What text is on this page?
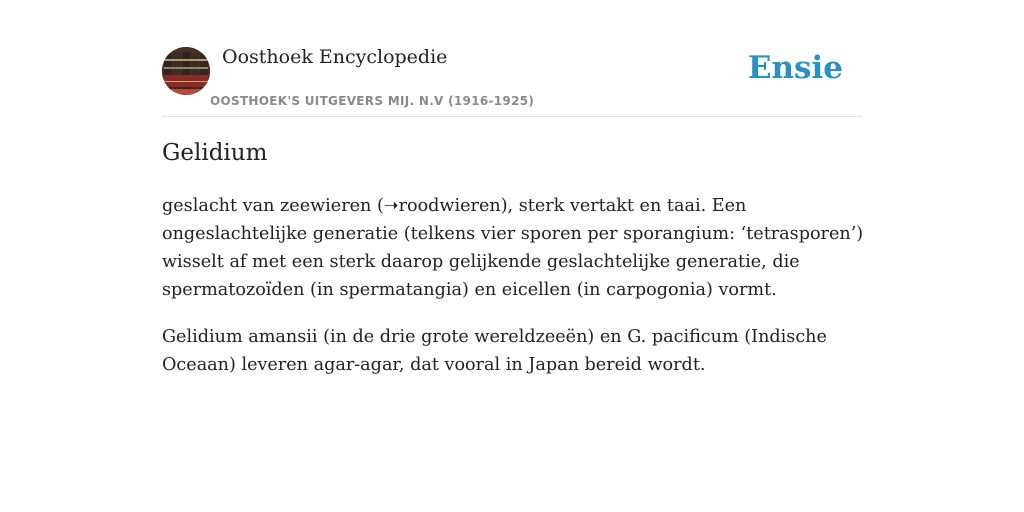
Oosthoek Encyclopedie
OOSTHOEK'S UITGEVERS MIJ. N.V (1916-1925)
Ensie
Gelidium

geslacht van zeewieren (➝roodwieren), sterk vertakt en taai. Een ongeslachtelijke generatie (telkens vier sporen per sporangium: ‘tetrasporen’) wisselt af met een sterk daarop gelijkende geslachtelijke generatie, die spermatozoïden (in spermatangia) en eicellen (in carpogonia) vormt.

Gelidium amansii (in de drie grote wereldzeeën) en G. pacificum (Indische Oceaan) leveren agar-agar, dat vooral in Japan bereid wordt.
